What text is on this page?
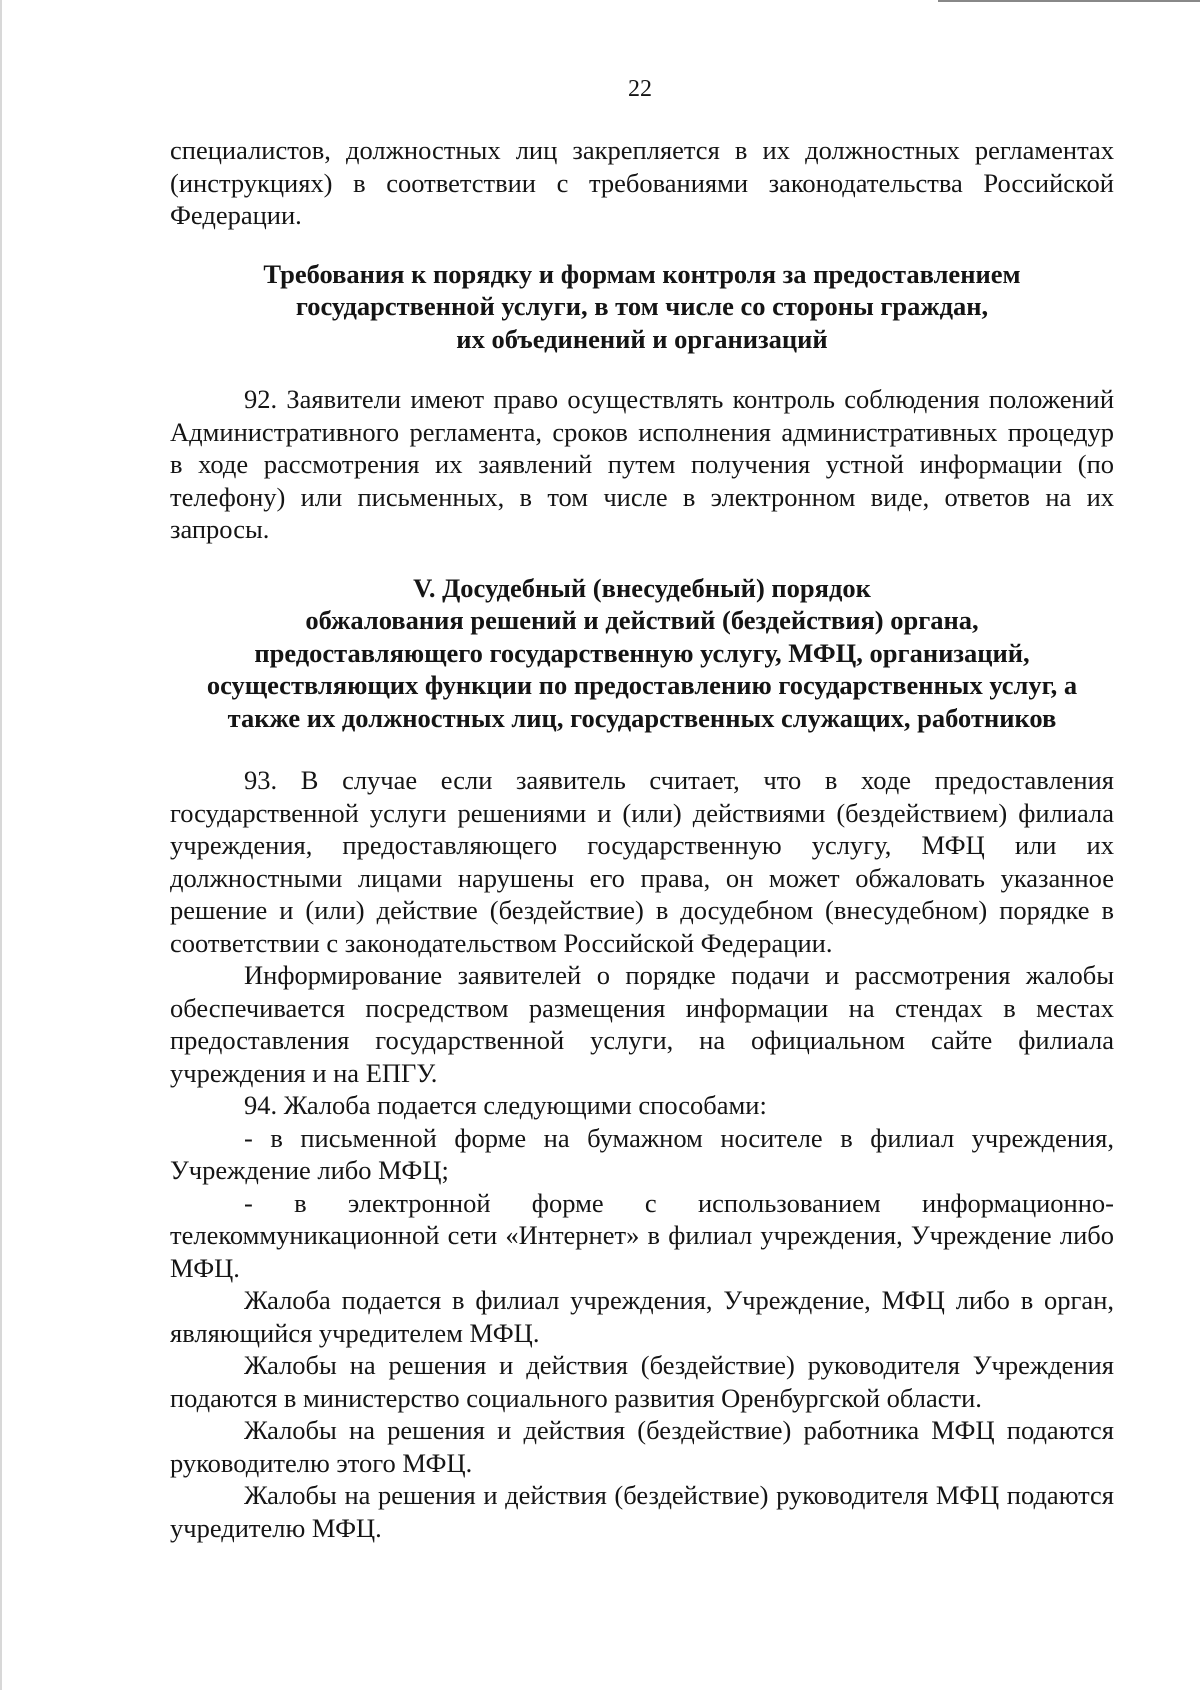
22

специалистов, должностных лиц закрепляется в их должностных регламентах (инструкциях) в соответствии с требованиями законодательства Российской Федерации.

Требования к порядку и формам контроля за предоставлением
государственной услуги, в том числе со стороны граждан,
их объединений и организаций

92. Заявители имеют право осуществлять контроль соблюдения положений Административного регламента, сроков исполнения административных процедур в ходе рассмотрения их заявлений путем получения устной информации (по телефону) или письменных, в том числе в электронном виде, ответов на их запросы.

V. Досудебный (внесудебный) порядок
обжалования решений и действий (бездействия) органа,
предоставляющего государственную услугу, МФЦ, организаций,
осуществляющих функции по предоставлению государственных услуг, а
также их должностных лиц, государственных служащих, работников

93. В случае если заявитель считает, что в ходе предоставления государственной услуги решениями и (или) действиями (бездействием) филиала учреждения, предоставляющего государственную услугу, МФЦ или их должностными лицами нарушены его права, он может обжаловать указанное решение и (или) действие (бездействие) в досудебном (внесудебном) порядке в соответствии с законодательством Российской Федерации.

Информирование заявителей о порядке подачи и рассмотрения жалобы обеспечивается посредством размещения информации на стендах в местах предоставления государственной услуги, на официальном сайте филиала учреждения и на ЕПГУ.

94. Жалоба подается следующими способами:

- в письменной форме на бумажном носителе в филиал учреждения, Учреждение либо МФЦ;

- в электронной форме с использованием информационно-телекоммуникационной сети «Интернет» в филиал учреждения, Учреждение либо МФЦ.

Жалоба подается в филиал учреждения, Учреждение, МФЦ либо в орган, являющийся учредителем МФЦ.

Жалобы на решения и действия (бездействие) руководителя Учреждения подаются в министерство социального развития Оренбургской области.

Жалобы на решения и действия (бездействие) работника МФЦ подаются руководителю этого МФЦ.

Жалобы на решения и действия (бездействие) руководителя МФЦ подаются учредителю МФЦ.
